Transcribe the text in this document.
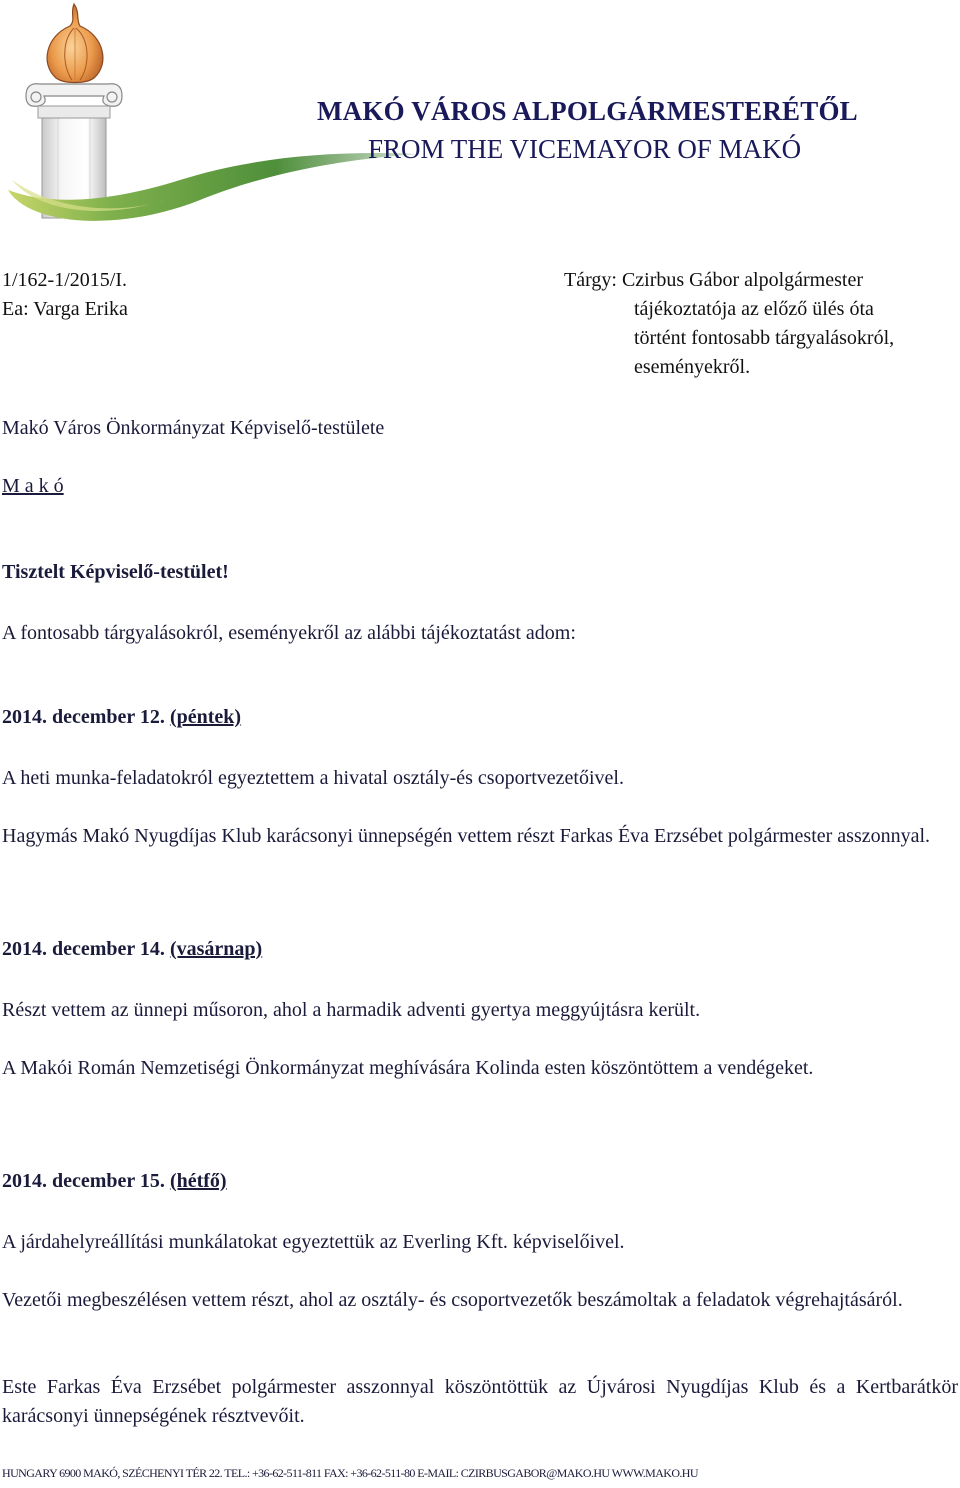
MAKÓ VÁROS ALPOLGÁRMESTERÉTŐL
FROM THE VICEMAYOR OF MAKÓ
1/162-1/2015/I.
Ea: Varga Erika
Tárgy: Czirbus Gábor alpolgármester
tájékoztatója az előző ülés óta
történt fontosabb tárgyalásokról,
eseményekről.
Makó Város Önkormányzat Képviselő-testülete
M a k ó
Tisztelt Képviselő-testület!
A fontosabb tárgyalásokról, eseményekről az alábbi tájékoztatást adom:
2014. december 12. (péntek)
A heti munka-feladatokról egyeztettem a hivatal osztály-és csoportvezetőivel.
Hagymás Makó Nyugdíjas Klub karácsonyi ünnepségén vettem részt Farkas Éva Erzsébet polgármester asszonnyal.
2014. december 14. (vasárnap)
Részt vettem az ünnepi műsoron, ahol a harmadik adventi gyertya meggyújtásra került.
A Makói Román Nemzetiségi Önkormányzat meghívására Kolinda esten köszöntöttem a vendégeket.
2014. december 15. (hétfő)
A járdahelyreállítási munkálatokat egyeztettük az Everling Kft. képviselőivel.
Vezetői megbeszélésen vettem részt, ahol az osztály- és csoportvezetők beszámoltak a feladatok végrehajtásáról.
Este Farkas Éva Erzsébet polgármester asszonnyal köszöntöttük az Újvárosi Nyugdíjas Klub és a Kertbarátkör karácsonyi ünnepségének résztvevőit.
HUNGARY 6900 MAKÓ, SZÉCHENYI TÉR 22. TEL.: +36-62-511-811 FAX: +36-62-511-80 E-MAIL: CZIRBUSGABOR@MAKO.HU WWW.MAKO.HU
